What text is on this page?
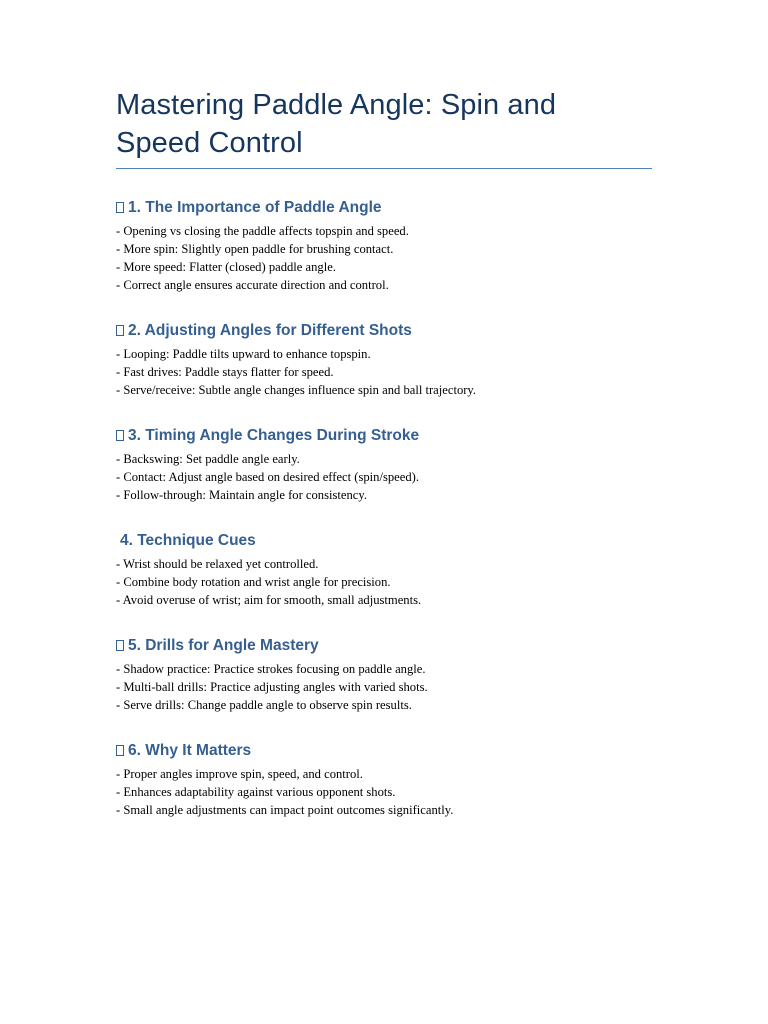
Mastering Paddle Angle: Spin and
Speed Control
1. The Importance of Paddle Angle

- Opening vs closing the paddle affects topspin and speed.

- More spin: Slightly open paddle for brushing contact.

- More speed: Flatter (closed) paddle angle.

- Correct angle ensures accurate direction and control.

2. Adjusting Angles for Different Shots

- Looping: Paddle tilts upward to enhance topspin.

- Fast drives: Paddle stays flatter for speed.

- Serve/receive: Subtle angle changes influence spin and ball trajectory.

3. Timing Angle Changes During Stroke

- Backswing: Set paddle angle early.

- Contact: Adjust angle based on desired effect (spin/speed).

- Follow-through: Maintain angle for consistency.

4. Technique Cues

- Wrist should be relaxed yet controlled.

- Combine body rotation and wrist angle for precision.

- Avoid overuse of wrist; aim for smooth, small adjustments.

5. Drills for Angle Mastery

- Shadow practice: Practice strokes focusing on paddle angle.

- Multi-ball drills: Practice adjusting angles with varied shots.

- Serve drills: Change paddle angle to observe spin results.

6. Why It Matters

- Proper angles improve spin, speed, and control.

- Enhances adaptability against various opponent shots.

- Small angle adjustments can impact point outcomes significantly.
